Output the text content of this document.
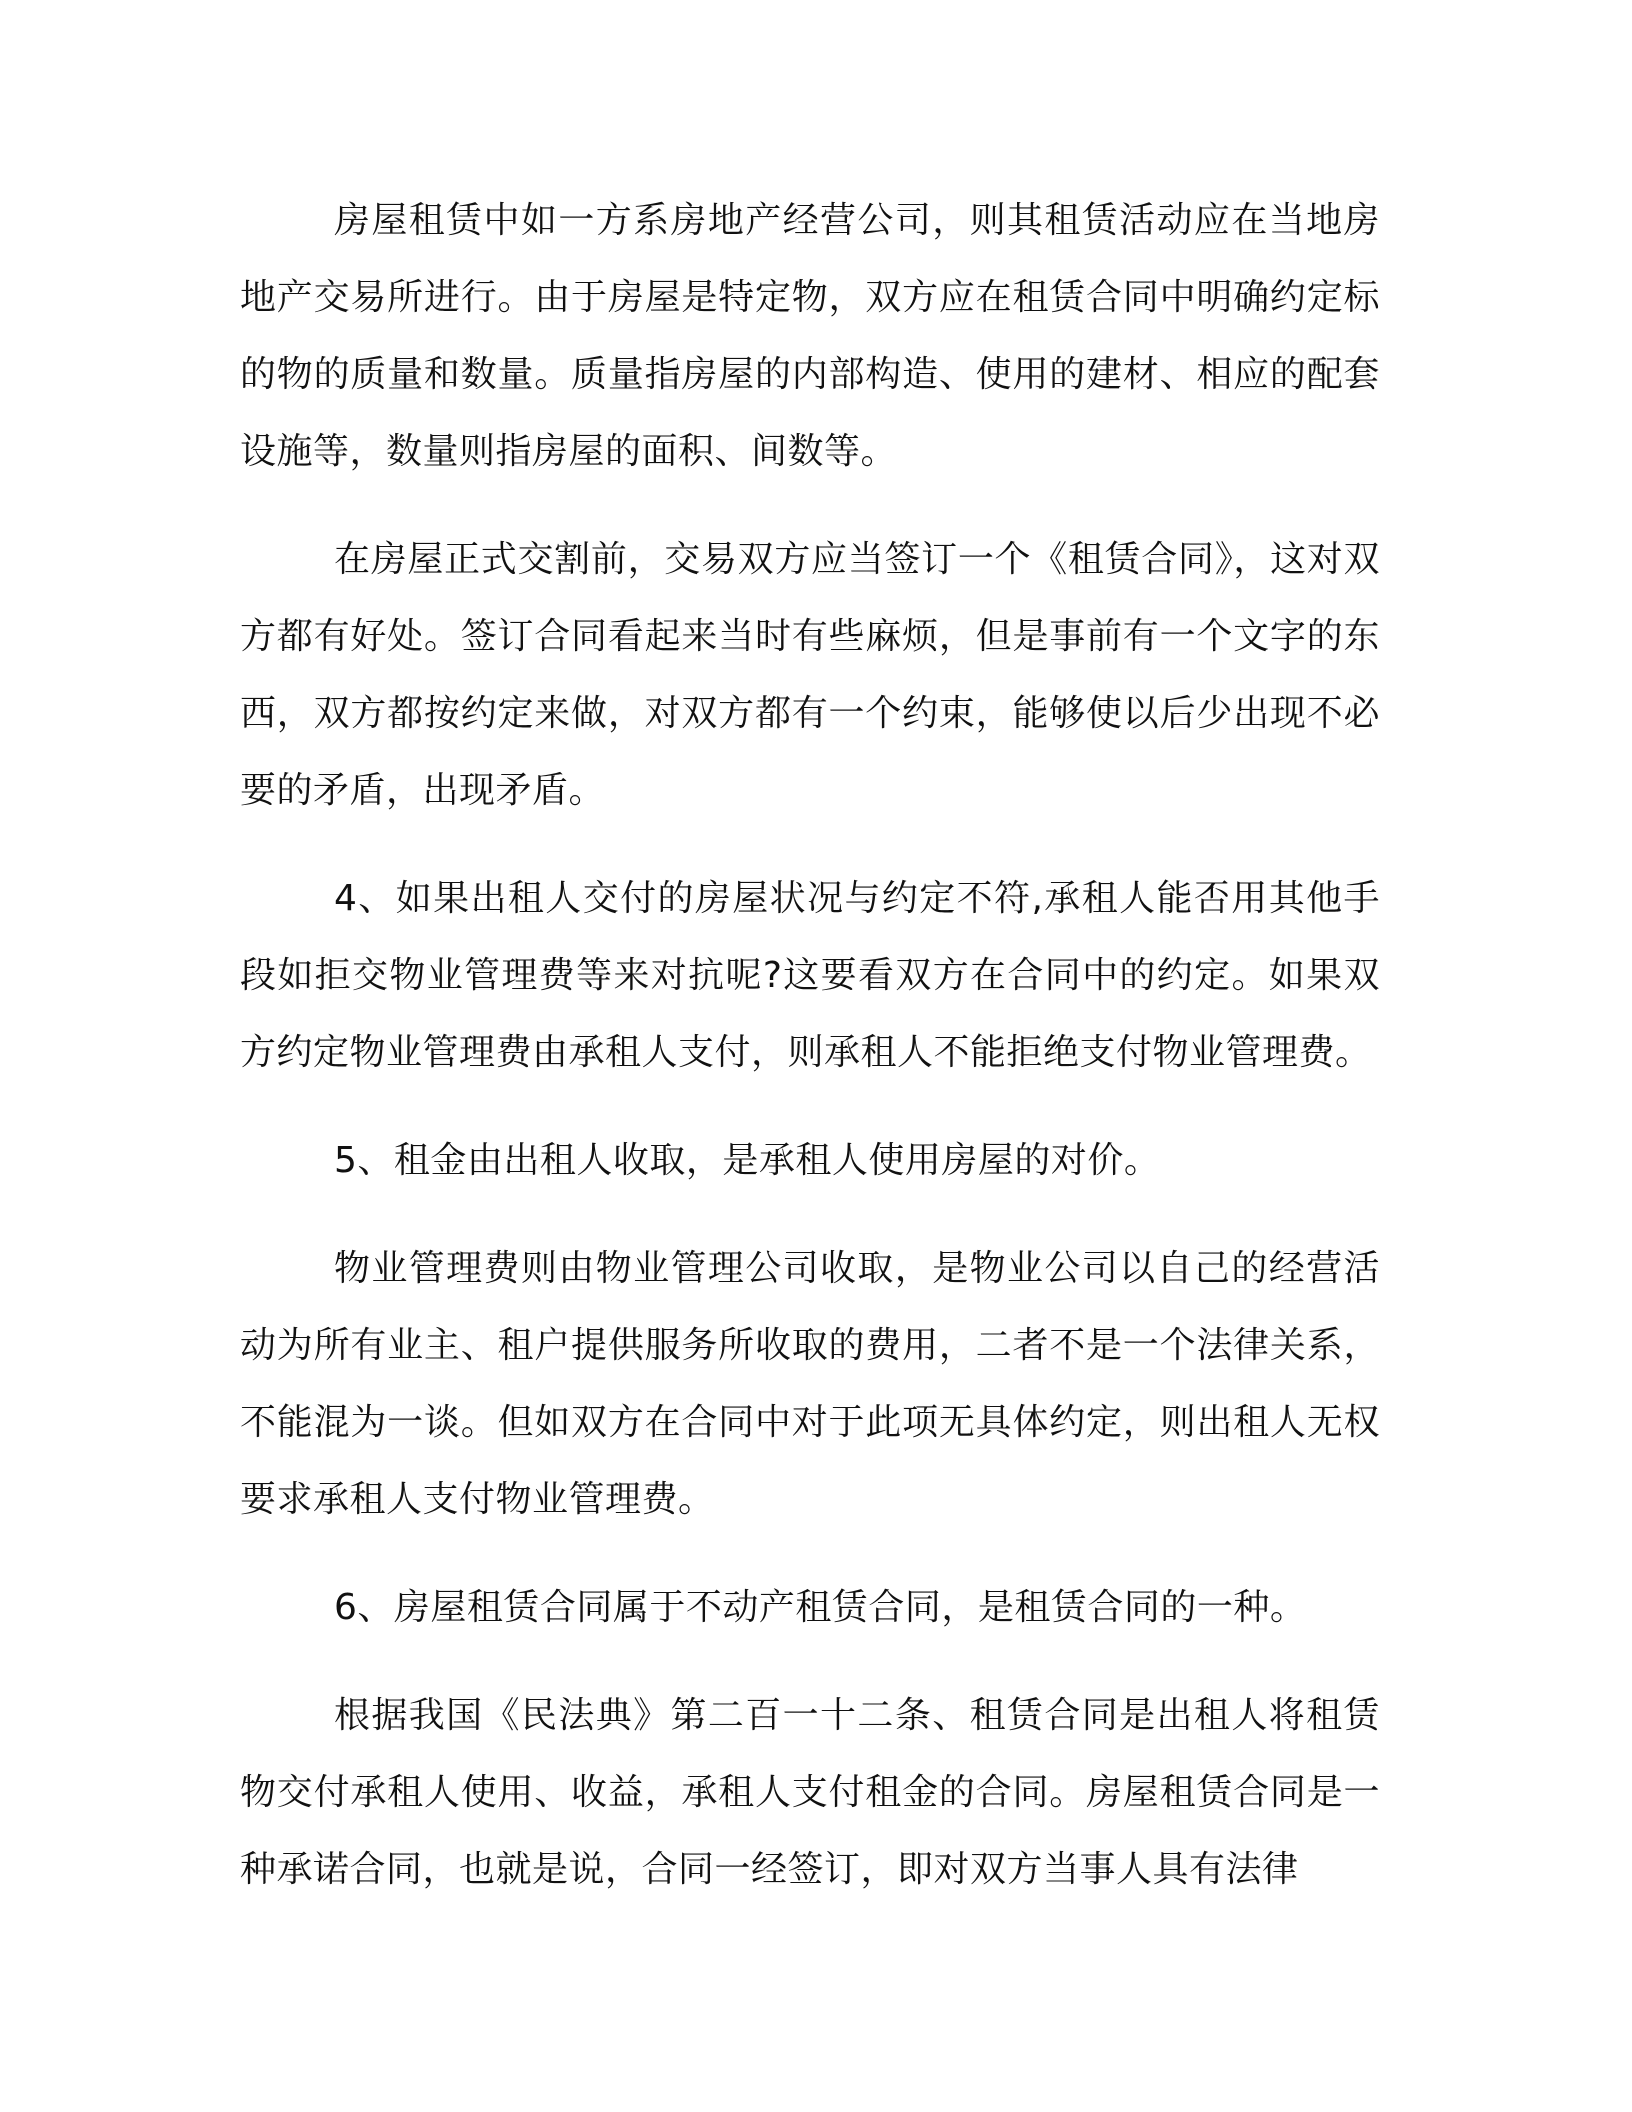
房屋租赁中如一方系房地产经营公司，则其租赁活动应在当地房地产交易所进行。由于房屋是特定物，双方应在租赁合同中明确约定标的物的质量和数量。质量指房屋的内部构造、使用的建材、相应的配套设施等，数量则指房屋的面积、间数等。

在房屋正式交割前，交易双方应当签订一个《租赁合同》，这对双方都有好处。签订合同看起来当时有些麻烦，但是事前有一个文字的东西，双方都按约定来做，对双方都有一个约束，能够使以后少出现不必要的矛盾，出现矛盾。

4、如果出租人交付的房屋状况与约定不符,承租人能否用其他手段如拒交物业管理费等来对抗呢?这要看双方在合同中的约定。如果双方约定物业管理费由承租人支付，则承租人不能拒绝支付物业管理费。

5、租金由出租人收取，是承租人使用房屋的对价。

物业管理费则由物业管理公司收取，是物业公司以自己的经营活动为所有业主、租户提供服务所收取的费用，二者不是一个法律关系，不能混为一谈。但如双方在合同中对于此项无具体约定，则出租人无权要求承租人支付物业管理费。

6、房屋租赁合同属于不动产租赁合同，是租赁合同的一种。

根据我国《民法典》第二百一十二条、租赁合同是出租人将租赁物交付承租人使用、收益，承租人支付租金的合同。房屋租赁合同是一种承诺合同，也就是说，合同一经签订，即对双方当事人具有法律
